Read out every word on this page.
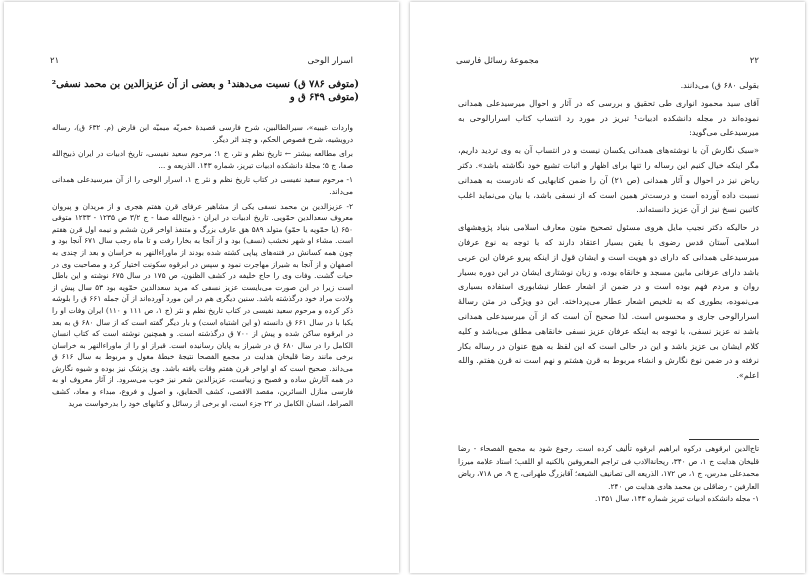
اسرار الوحی
۲۱
(متوفی ۷۸۶ ق) نسبت می‌دهند¹ و بعضی از آن عزیزالدین بن محمد نسفی² (متوفی ۶۴۹ ق و

واردات غیبیه»، سیرالطالبین، شرح فارسی قصیدهٔ خمریّه میمیّه ابن فارض (م. ۶۳۲ ق)، رساله درویشیه، شرح فصوص الحکم، و چند اثر دیگر.

برای مطالعه بیشتر ← تاریخ نظم و نثر، ج ۱؛ مرحوم سعید نفیسی، تاریخ ادبیات در ایران ذبیح‌الله صفا، ج ۵؛ مجلهٔ دانشکده ادبیات تبریز، شماره ۱۴۳. الذریعه و ...

۱- مرحوم سعید نفیسی در کتاب تاریخ نظم و نثر ج ۱، اسرار الوحی را از آن میرسیدعلی همدانی می‌داند.

۲- عزیزالدین بن محمد نسفی یکی از مشاهیر عرفای قرن هفتم هجری و از مریدان و پیروان معروف سعدالدین حمّویی. تاریخ ادبیات در ایران - ذبیح‌الله صفا - ج ۳/۲ ص ۱۲۳۵ - ۱۲۳۳ متوفی ۶۵۰ (یا حمّویه یا حمّو) متولد ۵۸۹ هق عارف بزرگ و متنفذ اواخر قرن ششم و نیمه اول قرن هفتم است. مشاء او شهر نخشب (نسف) بود و از آنجا به بخارا رفت و تا ماه رجب سال ۶۷۱ آنجا بود و چون همه کسانش در فتنه‌های پیاپی کشته شده بودند از ماوراءالنهر به خراسان و بعد از چندی به اصفهان و از آنجا به شیراز مهاجرت نمود و سپس در ابرقوه سکونت اختیار کرد و مصاحبت وی در حیات گشت. وفات وی را حاج خلیفه در کشف الظنون، ص ۱۷۵ در سال ۶۷۵ نوشته و این باطل است زیرا در این صورت می‌بایست عزیز نسفی که مرید سعدالدین حمّویه بود ۵۳ سال پیش از ولادت مراد خود درگذشته باشد. سنین دیگری هم در این مورد آورده‌اند از آن جمله ۶۶۱ ق را بلوشه ذکر کرده و مرحوم سعید نفیسی در کتاب تاریخ نظم و نثر (ج ۱، ص ۱۱۱ و ۱۱۰) ایران وفات او را یکبا با در سال ۶۶۱ ق دانسته (و این اشتباه است) و بار دیگر گفته است که از سال ۶۸۰ ق به بعد در ابرقوه ساکن شده و پیش از ۷۰۰ ق درگذشته است. و همچنین نوشته است که کتاب انسان الکامل را در سال ۶۸۰ ق در شیراز به پایان رسانیده است. قبراز او را از ماوراءالنهر به خراسان برخی مانند رضا قلیخان هدایت در مجمع الفصحا نتیجهٔ خبطهٔ مغول و مربوط به سال ۶۱۶ ق می‌داند. صحیح است که او اواخر قرن هفتم وفات یافته باشد. وی پزشک نیز بوده و شیوه نگارش در همه آثارش ساده و فصیح و زیباست، عزیزالدین شعر نیز خوب می‌سرود. از آثار معروف او به فارسی منازل السائرین، مقصد الاقصی، کشف الحقایق، و اصول و فروع، مبداء و معاد، کشف الصراط، انسان الکامل در ۲۲ جزء است، او برخی از رسائل و کتابهای خود را بدرخواست مرید

۲۲
مجموعهٔ رسائل فارسی

بقولی ۶۸۰ ق) می‌دانند.

آقای سید محمود انواری طی تحقیق و بررسی که در آثار و احوال میرسیدعلی همدانی نموده‌اند در مجله دانشکده ادبیات¹ تبریز در مورد رد انتساب کتاب اسرارالوحی به میرسیدعلی می‌گوید:

«سبک نگارش آن با نوشته‌های همدانی یکسان نیست و در انتساب آن به وی تردید داریم، مگر اینکه خیال کنیم این رساله را تنها برای اظهار و اثبات تشیع خود نگاشته باشد». دکتر ریاض نیز در احوال و آثار همدانی (ص ۲۱) آن را ضمن کتابهایی که نادرست به همدانی نسبت داده آورده است و درست‌تر همین است که از نسفی باشد، با بیان می‌نماید اغلب کاتبین نسخ نیز از آن عزیز دانسته‌اند.

در حالیکه دکتر نجیب مایل هروی مسئول تصحیح متون معارف اسلامی بنیاد پژوهشهای اسلامی آستان قدس رضوی با یقین بسیار اعتقاد دارند که با توجه به نوع عرفان میرسیدعلی همدانی که دارای دو هویت است و ایشان قول از اینکه پیرو عرفان این عربی باشد دارای عرفانی مابین مسجد و خانقاه بوده، و زبان نوشتاری ایشان در این دوره بسیار روان و مردم فهم بوده است و در ضمن از اشعار عطار نیشابوری استفاده بسیاری می‌نموده، بطوری که به تلخیص اشعار عطار می‌پرداخته. این دو ویژگی در متن رسالهٔ اسرارالوحی جاری و محسوس است. لذا صحیح آن است که از آن میرسیدعلی همدانی باشد نه عزیز نسفی، با توجه به اینکه عرفان عزیز نسفی خانقاهی مطلق می‌باشد و کلیه کلام ایشان بی عزیز باشد و این در حالی است که این لفظ به هیچ عنوان در رساله بکار نرفته و در ضمن نوع نگارش و انشاء مربوط به قرن هشتم و نهم است نه قرن هفتم. والله اعلم».

تاج‌الدین ابرقوهی درکوه ابراهیم ابرقوه تألیف کرده است. رجوع شود به مجمع الفصحاء - رضا قلیخان هدایت ج ۱، ص ۳۴۰، ریحانةالادب فی تراجم المعروفین بالکنیه او اللقب؛ استاد علامه میرزا محمدعلی مدرس، ج ۱، ص ۱۷۲، الذریعه الی تصانیف الشیعه؛ آقابزرگ طهرانی، ج ۹، ص ۷۱۸، ریاض العارفین - رضاقلی بن محمد هادی هدایت ص ۲۴۰.

۱- مجله دانشکده ادبیات تبریز شماره ۱۴۳، سال ۱۳۵۱.
